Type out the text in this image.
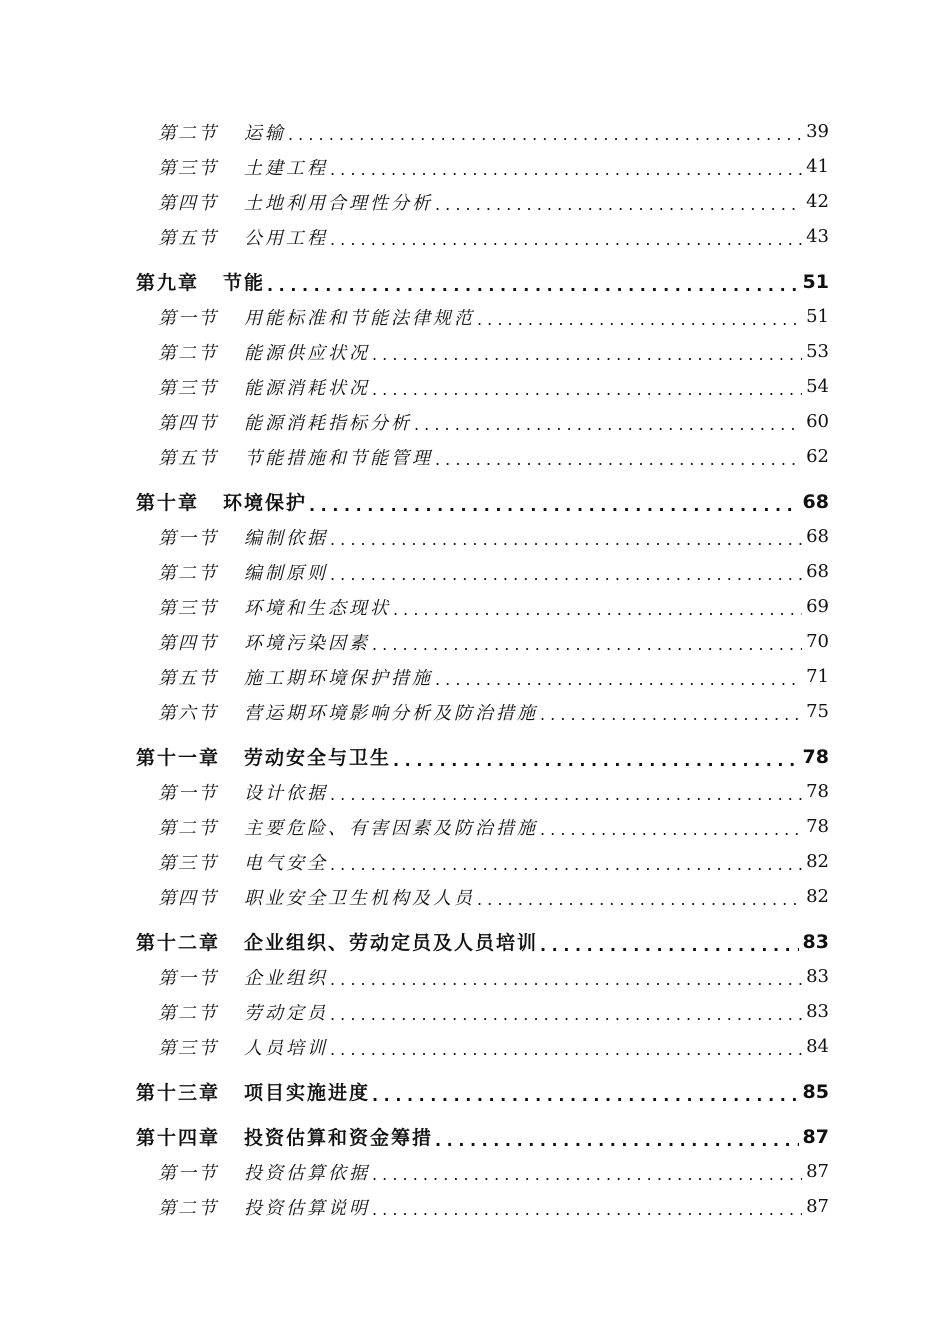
第二节	运输 . . .	39
第三节	土建工程 . . .	41
第四节	土地利用合理性分析 . . .	42
第五节	公用工程 . . .	43
第九章 节能 . . .	51
第一节	用能标准和节能法律规范 . . .	51
第二节	能源供应状况 . . .	53
第三节	能源消耗状况 . . .	54
第四节	能源消耗指标分析 . . .	60
第五节	节能措施和节能管理 . . .	62
第十章 环境保护 . . .	68
第一节	编制依据 . . .	68
第二节	编制原则 . . .	68
第三节	环境和生态现状 . . .	69
第四节	环境污染因素 . . .	70
第五节	施工期环境保护措施 . . .	71
第六节	营运期环境影响分析及防治措施 . . .	75
第十一章 劳动安全与卫生 . . .	78
第一节	设计依据 . . .	78
第二节	主要危险、有害因素及防治措施 . . .	78
第三节	电气安全 . . .	82
第四节	职业安全卫生机构及人员 . . .	82
第十二章 企业组织、劳动定员及人员培训 . . .	83
第一节	企业组织 . . .	83
第二节	劳动定员 . . .	83
第三节	人员培训 . . .	84
第十三章 项目实施进度 . . .	85
第十四章 投资估算和资金筹措 . . .	87
第一节	投资估算依据 . . .	87
第二节	投资估算说明 . . .	87
